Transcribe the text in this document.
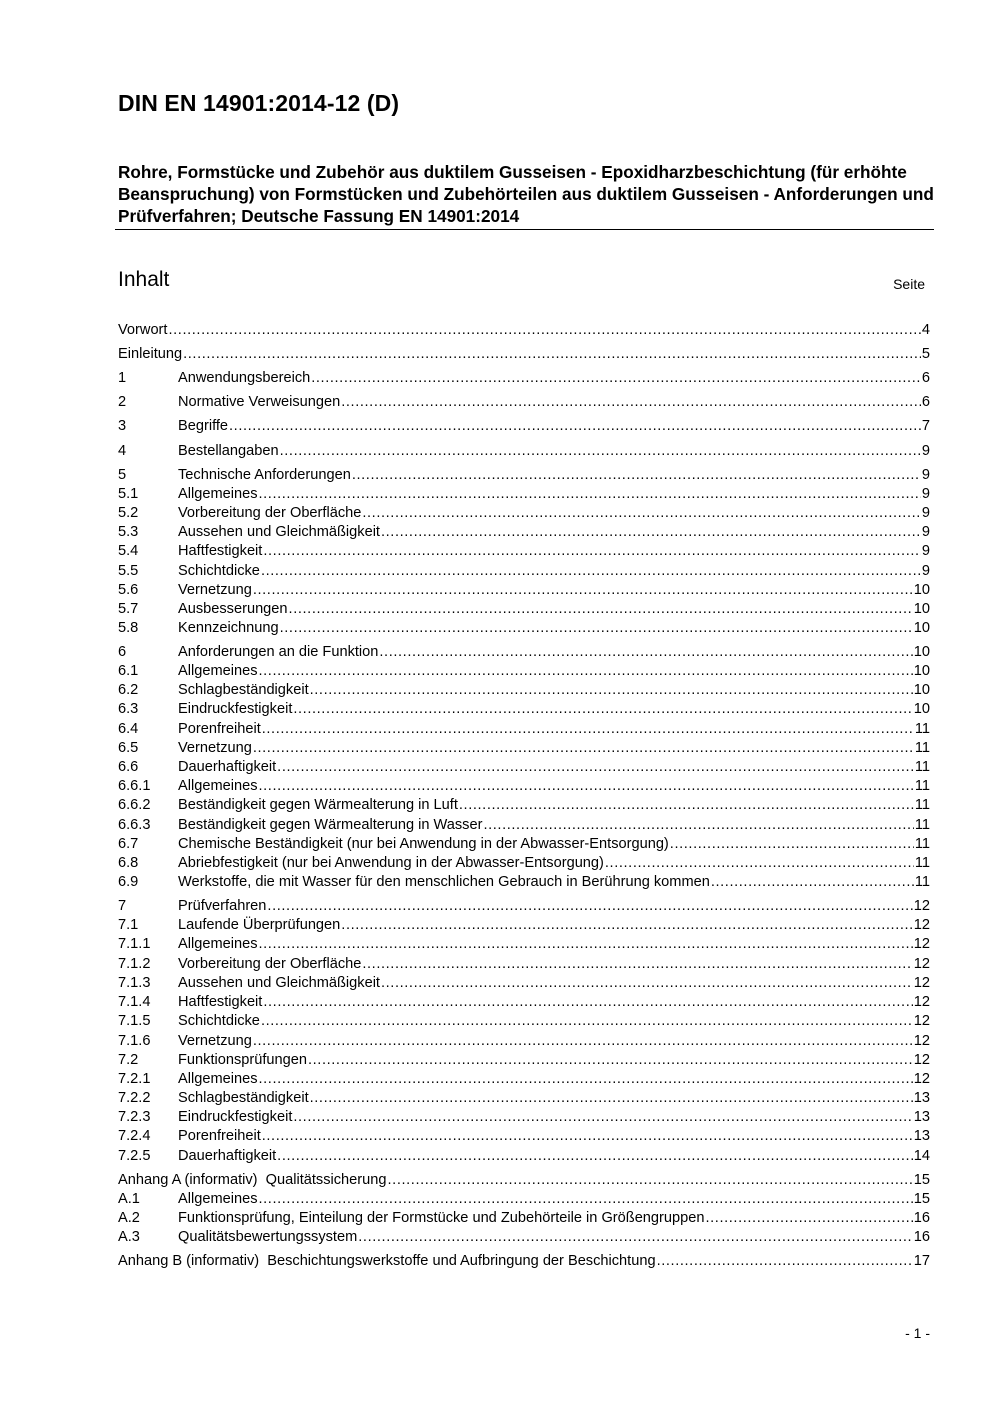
DIN EN 14901:2014-12 (D)
Rohre, Formstücke und Zubehör aus duktilem Gusseisen - Epoxidharzbeschichtung (für erhöhte Beanspruchung) von Formstücken und Zubehörteilen aus duktilem Gusseisen - Anforderungen und Prüfverfahren; Deutsche Fassung EN 14901:2014
Inhalt	Seite
Vorwort .....	4
Einleitung .....	5
1	Anwendungsbereich .....	6
2	Normative Verweisungen .....	6
3	Begriffe .....	7
4	Bestellangaben .....	9
5	Technische Anforderungen .....	9
5.1	Allgemeines .....	9
5.2	Vorbereitung der Oberfläche .....	9
5.3	Aussehen und Gleichmäßigkeit .....	9
5.4	Haftfestigkeit .....	9
5.5	Schichtdicke .....	9
5.6	Vernetzung .....	10
5.7	Ausbesserungen .....	10
5.8	Kennzeichnung .....	10
6	Anforderungen an die Funktion .....	10
6.1	Allgemeines .....	10
6.2	Schlagbeständigkeit .....	10
6.3	Eindruckfestigkeit .....	10
6.4	Porenfreiheit .....	11
6.5	Vernetzung .....	11
6.6	Dauerhaftigkeit .....	11
6.6.1	Allgemeines .....	11
6.6.2	Beständigkeit gegen Wärmealterung in Luft .....	11
6.6.3	Beständigkeit gegen Wärmealterung in Wasser .....	11
6.7	Chemische Beständigkeit (nur bei Anwendung in der Abwasser-Entsorgung) .....	11
6.8	Abriebfestigkeit (nur bei Anwendung in der Abwasser-Entsorgung) .....	11
6.9	Werkstoffe, die mit Wasser für den menschlichen Gebrauch in Berührung kommen .....	11
7	Prüfverfahren .....	12
7.1	Laufende Überprüfungen .....	12
7.1.1	Allgemeines .....	12
7.1.2	Vorbereitung der Oberfläche .....	12
7.1.3	Aussehen und Gleichmäßigkeit .....	12
7.1.4	Haftfestigkeit .....	12
7.1.5	Schichtdicke .....	12
7.1.6	Vernetzung .....	12
7.2	Funktionsprüfungen .....	12
7.2.1	Allgemeines .....	12
7.2.2	Schlagbeständigkeit .....	13
7.2.3	Eindruckfestigkeit .....	13
7.2.4	Porenfreiheit .....	13
7.2.5	Dauerhaftigkeit .....	14
Anhang A (informativ)  Qualitätssicherung .....	15
A.1	Allgemeines .....	15
A.2	Funktionsprüfung, Einteilung der Formstücke und Zubehörteile in Größengruppen .....	16
A.3	Qualitätsbewertungssystem .....	16
Anhang B (informativ)  Beschichtungswerkstoffe und Aufbringung der Beschichtung .....	17
- 1 -
